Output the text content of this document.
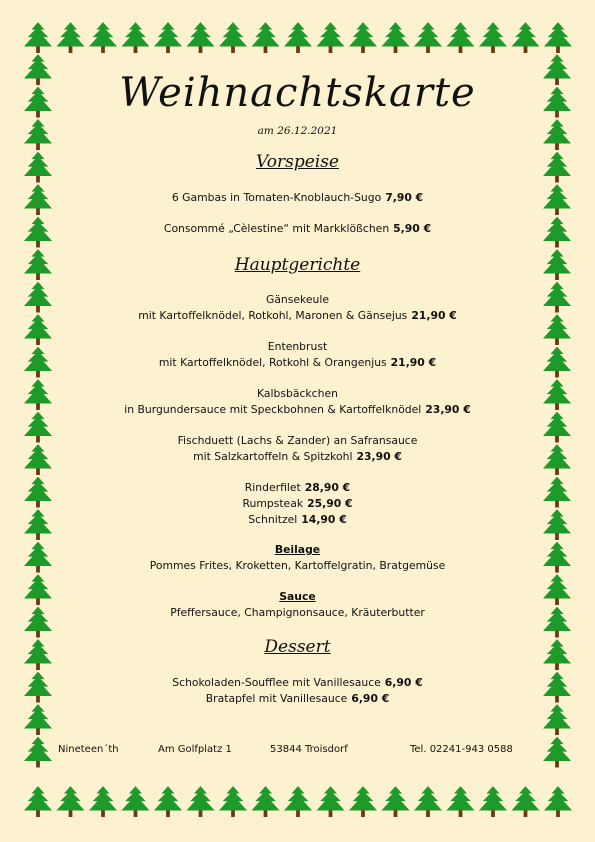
Weihnachtskarte
am 26.12.2021
Vorspeise
6 Gambas in Tomaten-Knoblauch-Sugo 7,90 €
Consommé „Cèlestine“ mit Markklößchen 5,90 €
Hauptgerichte
Gänsekeule
mit Kartoffelknödel, Rotkohl, Maronen & Gänsejus 21,90 €
Entenbrust
mit Kartoffelknödel, Rotkohl & Orangenjus 21,90 €
Kalbsbäckchen
in Burgundersauce mit Speckbohnen & Kartoffelknödel 23,90 €
Fischduett (Lachs & Zander) an Safransauce
mit Salzkartoffeln & Spitzkohl 23,90 €
Rinderfilet 28,90 €
Rumpsteak 25,90 €
Schnitzel 14,90 €
Beilage
Pommes Frites, Kroketten, Kartoffelgratin, Bratgemüse
Sauce
Pfeffersauce, Champignonsauce, Kräuterbutter
Dessert
Schokoladen-Soufflee mit Vanillesauce 6,90 €
Bratapfel mit Vanillesauce 6,90 €
Nineteen´th	Am Golfplatz 1	53844 Troisdorf	Tel. 02241-943 0588
